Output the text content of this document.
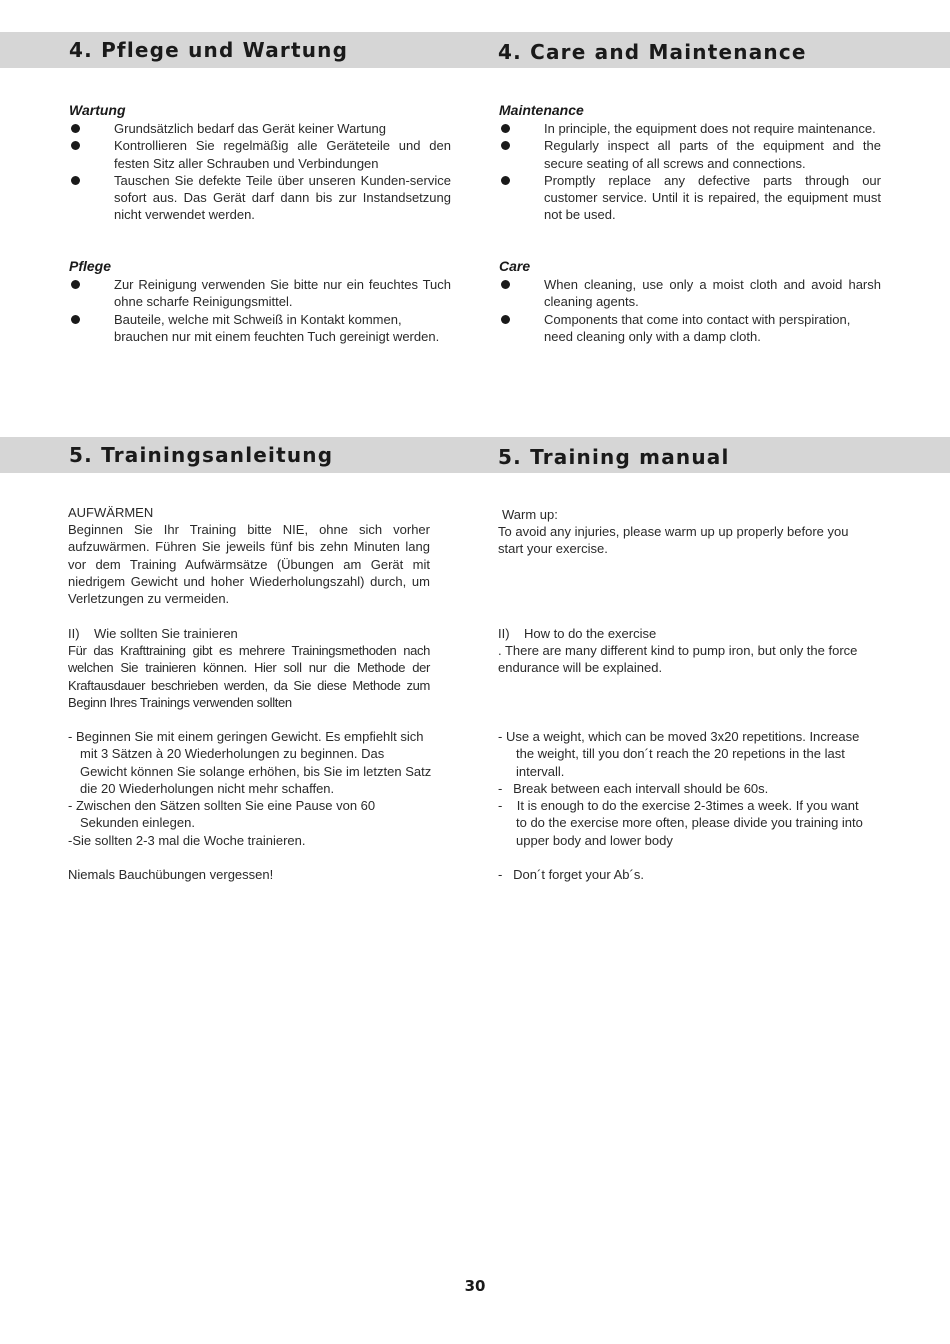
4. Pflege und Wartung	4. Care and Maintenance
Wartung
Grundsätzlich bedarf das Gerät keiner Wartung
Kontrollieren Sie regelmäßig alle Geräteteile und den festen Sitz aller Schrauben und Verbindungen
Tauschen Sie defekte Teile über unseren Kunden-service sofort aus. Das Gerät darf dann bis zur Instandsetzung nicht verwendet werden.
Pflege
Zur Reinigung verwenden Sie bitte nur ein feuchtes Tuch ohne scharfe Reinigungsmittel.
Bauteile, welche mit Schweiß in Kontakt kommen, brauchen nur mit einem feuchten Tuch gereinigt werden.
Maintenance
In principle, the equipment does not require maintenance.
Regularly inspect all parts of the equipment and the secure seating of all screws and connections.
Promptly replace any defective parts through our customer service. Until it is repaired, the equipment must not be used.
Care
When cleaning, use only a moist cloth and avoid harsh cleaning agents.
Components that come into contact with perspiration, need cleaning only with a damp cloth.
5. Trainingsanleitung	5. Training manual

AUFWÄRMEN

Beginnen Sie Ihr Training bitte NIE, ohne sich vorher aufzuwärmen. Führen Sie jeweils fünf bis zehn Minuten lang vor dem Training Aufwärmsätze (Übungen am Gerät mit niedrigem Gewicht und hoher Wiederholungszahl) durch, um Verletzungen zu vermeiden.

II)    Wie sollten Sie trainieren

Für das Krafttraining gibt es mehrere Trainingsmethoden nach welchen Sie trainieren können. Hier soll nur die Methode der Kraftausdauer beschrieben werden, da Sie diese Methode zum Beginn Ihres Trainings verwenden sollten

- Beginnen Sie mit einem geringen Gewicht. Es empfiehlt sich mit 3 Sätzen à 20 Wiederholungen zu beginnen. Das Gewicht können Sie solange erhöhen, bis Sie im letzten Satz die 20 Wiederholungen nicht mehr schaffen.
- Zwischen den Sätzen sollten Sie eine Pause von 60 Sekunden einlegen.
-Sie sollten 2-3 mal die Woche trainieren.

Niemals Bauchübungen vergessen!

Warm up:

To avoid any injuries, please warm up up properly before you start your exercise.

II)    How to do the exercise

. There are many different kind to pump iron, but only the force endurance will be explained.

- Use a weight, which can be moved 3x20 repetitions. Increase the weight, till you don´t reach the 20 repetions in the last intervall.
-   Break between each intervall should be 60s.
-    It is enough to do the exercise 2-3times a week. If you want to do the exercise more often, please divide you training into upper body and lower body

-   Don´t forget your Ab´s.

30
